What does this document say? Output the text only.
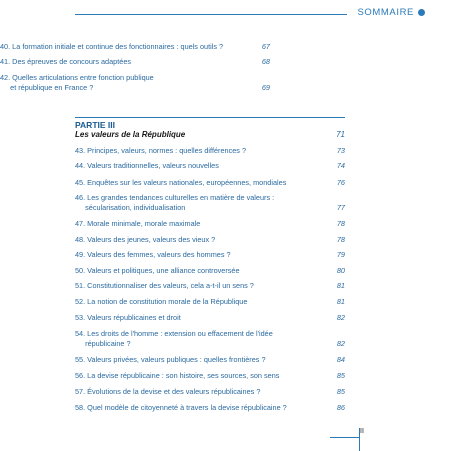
SOMMAIRE
40. La formation initiale et continue des fonctionnaires : quels outils ?	67
41. Des épreuves de concours adaptées	68
42. Quelles articulations entre fonction publique
et république en France ?	69
PARTIE III
Les valeurs de la République	71
43. Principes, valeurs, normes : quelles différences ?	73
44. Valeurs traditionnelles, valeurs nouvelles	74
45. Enquêtes sur les valeurs nationales, européennes, mondiales	76
46. Les grandes tendances culturelles en matière de valeurs :
sécularisation, individualisation	77
47. Morale minimale, morale maximale	78
48. Valeurs des jeunes, valeurs des vieux ?	78
49. Valeurs des femmes, valeurs des hommes ?	79
50. Valeurs et politiques, une alliance controversée	80
51. Constitutionnaliser des valeurs, cela a-t-il un sens ?	81
52. La notion de constitution morale de la République	81
53. Valeurs républicaines et droit	82
54. Les droits de l'homme : extension ou effacement de l'idée
républicaine ?	82
55. Valeurs privées, valeurs publiques : quelles frontières ?	84
56. La devise républicaine : son histoire, ses sources, son sens	85
57. Évolutions de la devise et des valeurs républicaines ?	85
58. Quel modèle de citoyenneté à travers la devise républicaine ?	86
II
